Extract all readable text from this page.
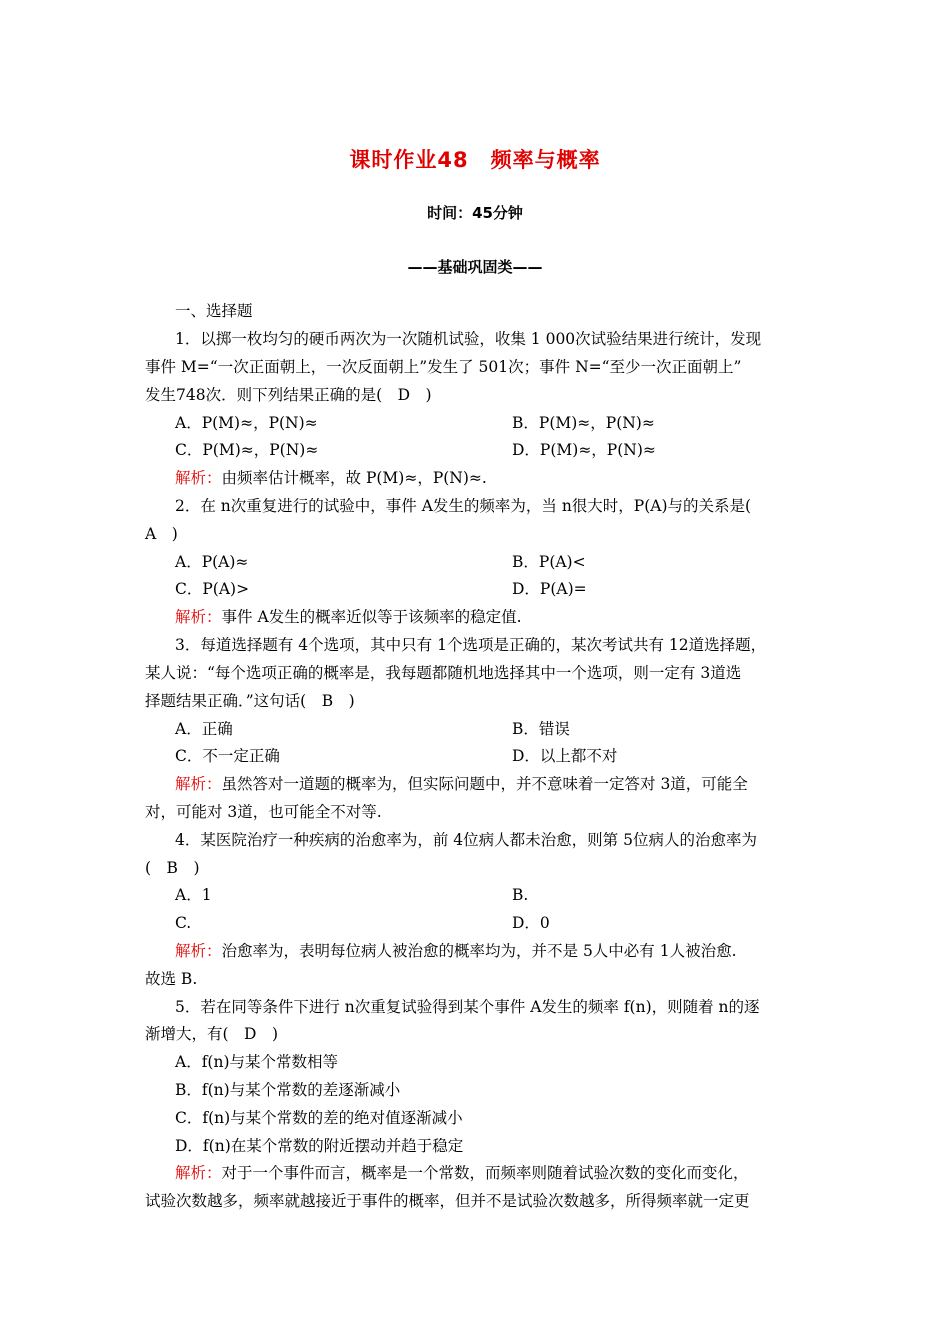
课时作业48　频率与概率
时间：45分钟
——基础巩固类——
一、选择题
1．以掷一枚均匀的硬币两次为一次随机试验，收集 1 000次试验结果进行统计，发现
事件 M=“一次正面朝上，一次反面朝上”发生了 501次；事件 N=“至少一次正面朝上”
发生748次．则下列结果正确的是(　D　)
A．P(M)≈，P(N)≈	B．P(M)≈，P(N)≈
C．P(M)≈，P(N)≈	D．P(M)≈，P(N)≈
解析：由频率估计概率，故 P(M)≈，P(N)≈.
2．在 n次重复进行的试验中，事件 A发生的频率为，当 n很大时，P(A)与的关系是(
A　)
A．P(A)≈	B．P(A)<
C．P(A)>	D．P(A)=
解析：事件 A发生的概率近似等于该频率的稳定值.
3．每道选择题有 4个选项，其中只有 1个选项是正确的，某次考试共有 12道选择题，
某人说：“每个选项正确的概率是，我每题都随机地选择其中一个选项，则一定有 3道选
择题结果正确．”这句话(　B　)
A．正确	B．错误
C．不一定正确	D．以上都不对
解析：虽然答对一道题的概率为，但实际问题中，并不意味着一定答对 3道，可能全
对，可能对 3道，也可能全不对等.
4．某医院治疗一种疾病的治愈率为，前 4位病人都未治愈，则第 5位病人的治愈率为
(　B　)
A．1	B.
C.	D．0
解析：治愈率为，表明每位病人被治愈的概率均为，并不是 5人中必有 1人被治愈.
故选 B.
5．若在同等条件下进行 n次重复试验得到某个事件 A发生的频率 f(n)，则随着 n的逐
渐增大，有(　D　)
A．f(n)与某个常数相等
B．f(n)与某个常数的差逐渐减小
C．f(n)与某个常数的差的绝对值逐渐减小
D．f(n)在某个常数的附近摆动并趋于稳定
解析：对于一个事件而言，概率是一个常数，而频率则随着试验次数的变化而变化，
试验次数越多，频率就越接近于事件的概率，但并不是试验次数越多，所得频率就一定更
